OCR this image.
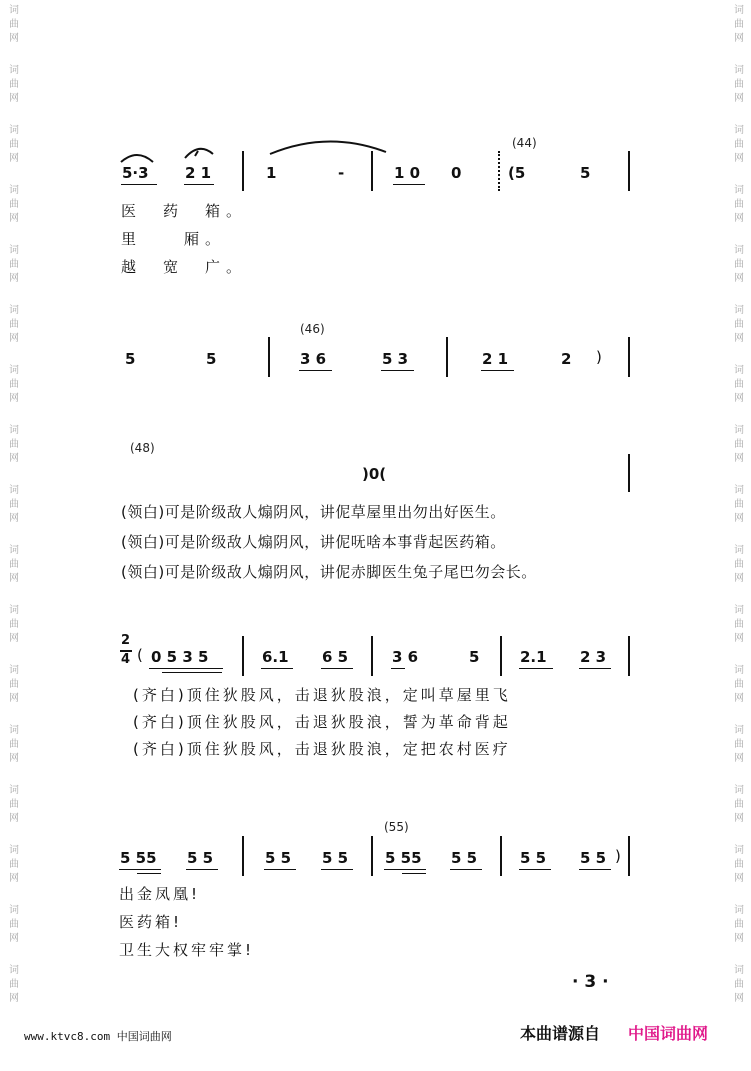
词
曲
网
词
曲
网
词
曲
网
词
曲
网
词
曲
网
词
曲
网
词
曲
网
词
曲
网
词
曲
网
词
曲
网
词
曲
网
词
曲
网
词
曲
网
词
曲
网
词
曲
网
词
曲
网
词
曲
网
词
曲
网
词
曲
网
词
曲
网
词
曲
网
词
曲
网
词
曲
网
词
曲
网
词
曲
网
词
曲
网
词
曲
网
词
曲
网
词
曲
网
词
曲
网
词
曲
网
词
曲
网
词
曲
网
词
曲
网
5·3 2 1	1	-	1 0 0
(44)
(5	5
医　药　箱。
里　　厢。
越　宽　广。
(46)
5	5	3 6	5 3	2 1	2 )
(48)
)0(
(领白)可是阶级敌人煽阴风，讲伲草屋里出勿出好医生。
(领白)可是阶级敌人煽阴风，讲伲呒啥本事背起医药箱。
(领白)可是阶级敌人煽阴风，讲伲赤脚医生兔子尾巴勿会长。
2
4 ( 0 5 3 5	6.1 6 5	3 6	5	2.1 2 3
(齐白)顶住狄股风，击退狄股浪，定叫草屋里飞
(齐白)顶住狄股风，击退狄股浪，誓为革命背起
(齐白)顶住狄股风，击退狄股浪，定把农村医疗
(55)
5 55 5 5	5 5 5 5 5 55 5 5	5 5 5 5 )
出金凤凰!
医药箱!
卫生大权牢牢掌!
· 3 ·
www.ktvc8.com 中国词曲网	本曲谱源自 中国词曲网
